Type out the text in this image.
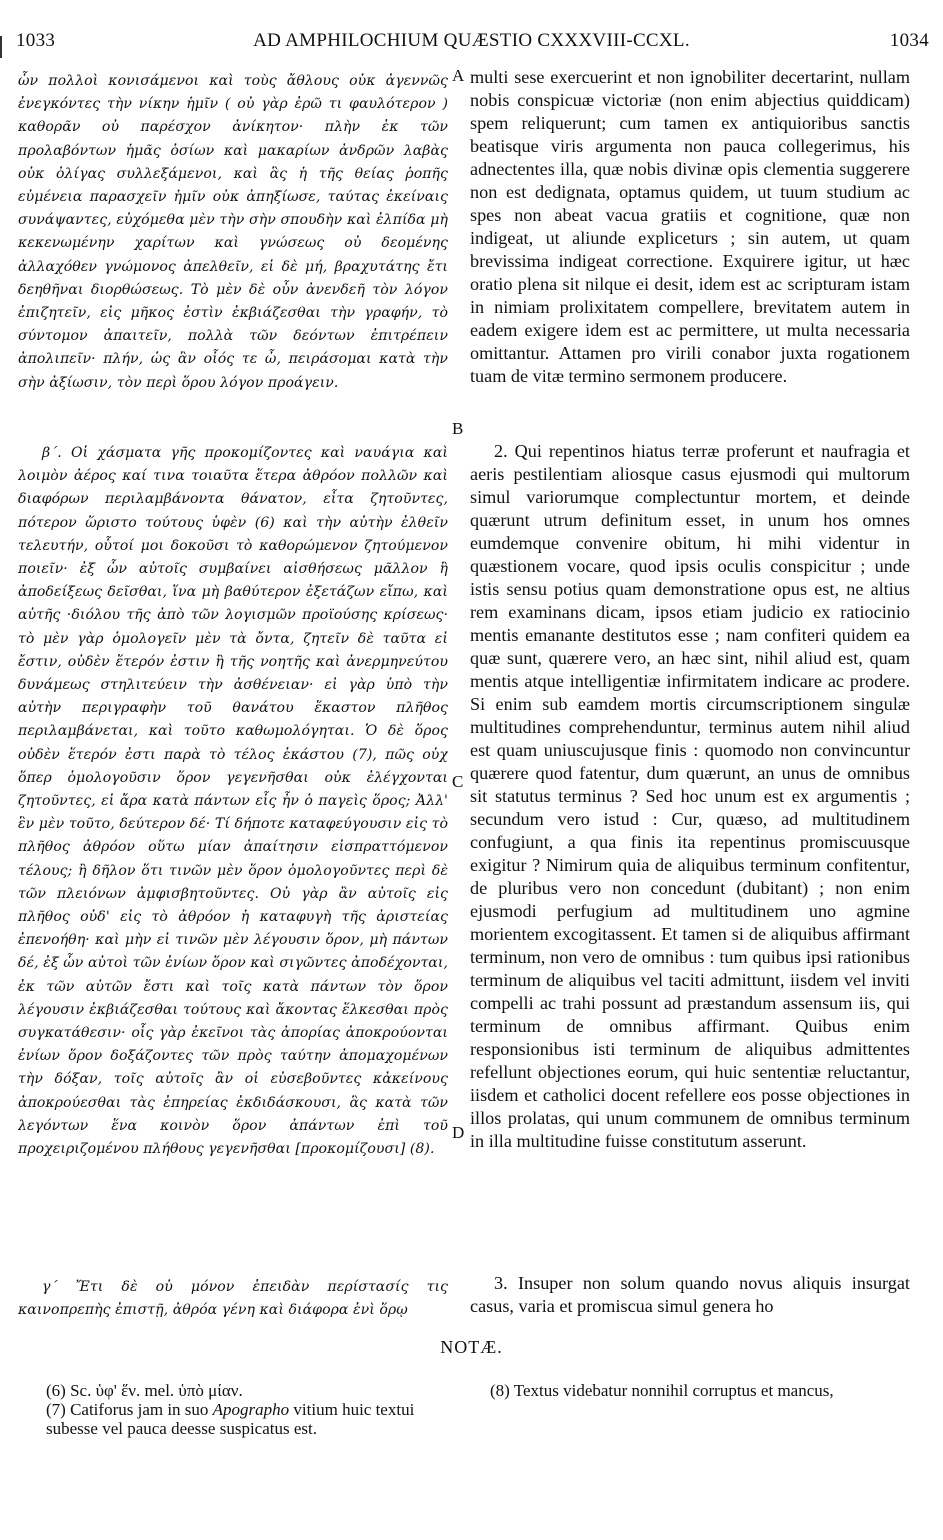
1033	AD AMPHILOCHIUM QUÆSTIO CXXXVIII-CCXL.	1034

ὧν πολλοὶ κονισάμενοι καὶ τοὺς ἄθλους οὐκ ἀγεννῶς ἐνεγκόντες τὴν νίκην ἡμῖν ( οὐ γὰρ ἐρῶ τι φαυλότερον ) καθορᾶν οὐ παρέσχον ἀνίκητον· πλὴν ἐκ τῶν προλαβόντων ἡμᾶς ὁσίων καὶ μακαρίων ἀνδρῶν λαβὰς οὐκ ὀλίγας συλλεξάμενοι, καὶ ἃς ἡ τῆς θείας ῥοπῆς εὐμένεια παρασχεῖν ἡμῖν οὐκ ἀπηξίωσε, ταύτας ἐκείναις συνάψαντες, εὐχόμεθα μὲν τὴν σὴν σπουδὴν καὶ ἐλπίδα μὴ κεκενωμένην χαρίτων καὶ γνώσεως οὐ δεομένης ἀλλαχόθεν γνώμονος ἀπελθεῖν, εἰ δὲ μή, βραχυτάτης ἔτι δεηθῆναι διορθώσεως. Τὸ μὲν δὲ οὖν ἀνενδεῆ τὸν λόγον ἐπιζητεῖν, εἰς μῆκος ἐστὶν ἐκβιάζεσθαι τὴν γραφήν, τὸ σύντομον ἀπαιτεῖν, πολλὰ τῶν δεόντων ἐπιτρέπειν ἀπολιπεῖν· πλήν, ὡς ἂν οἷός τε ὦ, πειράσομαι κατὰ τὴν σὴν ἀξίωσιν, τὸν περὶ ὅρου λόγον προάγειν.

β΄. Οἱ χάσματα γῆς προκομίζοντες καὶ ναυάγια καὶ λοιμὸν ἀέρος καί τινα τοιαῦτα ἕτερα ἀθρόον πολλῶν καὶ διαφόρων περιλαμβάνοντα θάνατον, εἶτα ζητοῦντες, πότερον ὥριστο τούτους ὑφὲν (6) καὶ τὴν αὐτὴν ἐλθεῖν τελευτήν, οὗτοί μοι δοκοῦσι τὸ καθορώμενον ζητούμενον ποιεῖν· ἐξ ὧν αὐτοῖς συμβαίνει αἰσθήσεως μᾶλλον ἢ ἀποδείξεως δεῖσθαι, ἵνα μὴ βαθύτερον ἐξετάζων εἴπω, καὶ αὐτῆς ·διόλου τῆς ἀπὸ τῶν λογισμῶν προϊούσης κρίσεως· τὸ μὲν γὰρ ὁμολογεῖν μὲν τὰ ὄντα, ζητεῖν δὲ ταῦτα εἰ ἔστιν, οὐδὲν ἕτερόν ἐστιν ἢ τῆς νοητῆς καὶ ἀνερμηνεύτου δυνάμεως στηλιτεύειν τὴν ἀσθένειαν· εἰ γὰρ ὑπὸ τὴν αὐτὴν περιγραφὴν τοῦ θανάτου ἕκαστον πλῆθος περιλαμβάνεται, καὶ τοῦτο καθωμολόγηται. Ὁ δὲ ὅρος οὐδὲν ἕτερόν ἐστι παρὰ τὸ τέλος ἑκάστου (7), πῶς οὐχ ὅπερ ὁμολογοῦσιν ὅρον γεγενῆσθαι οὐκ ἐλέγχονται ζητοῦντες, εἰ ἄρα κατὰ πάντων εἷς ἦν ὁ παγεὶς ὅρος; Ἀλλ' ἓν μὲν τοῦτο, δεύτερον δέ· Τί δήποτε καταφεύγουσιν εἰς τὸ πλῆθος ἀθρόον οὕτω μίαν ἀπαίτησιν εἰσπραττόμενον τέλους; ἢ δῆλον ὅτι τινῶν μὲν ὅρον ὁμολογοῦντες περὶ δὲ τῶν πλειόνων ἀμφισβητοῦντες. Οὐ γὰρ ἂν αὐτοῖς εἰς πλῆθος οὐδ' εἰς τὸ ἀθρόον ἡ καταφυγὴ τῆς ἀριστείας ἐπενοήθη· καὶ μὴν εἰ τινῶν μὲν λέγουσιν ὅρον, μὴ πάντων δέ, ἐξ ὧν αὐτοὶ τῶν ἐνίων ὅρον καὶ σιγῶντες ἀποδέχονται, ἐκ τῶν αὐτῶν ἔστι καὶ τοῖς κατὰ πάντων τὸν ὅρον λέγουσιν ἐκβιάζεσθαι τούτους καὶ ἄκοντας ἕλκεσθαι πρὸς συγκατάθεσιν· οἷς γὰρ ἐκεῖνοι τὰς ἀπορίας ἀποκρούονται ἐνίων ὅρον δοξάζοντες τῶν πρὸς ταύτην ἀπομαχομένων τὴν δόξαν, τοῖς αὐτοῖς ἂν οἱ εὐσεβοῦντες κἀκείνους ἀποκρούεσθαι τὰς ἐπηρείας ἐκδιδάσκουσι, ἃς κατὰ τῶν λεγόντων ἕνα κοινὸν ὅρον ἁπάντων ἐπὶ τοῦ προχειριζομένου πλήθους γεγενῆσθαι [προκομίζουσι] (8).

γ΄ Ἔτι δὲ οὐ μόνον ἐπειδὰν περίστασίς τις καινοπρεπὴς ἐπιστῇ, ἀθρόα γένη καὶ διάφορα ἑνὶ ὅρῳ

A
B
C
D

multi sese exercuerint et non ignobiliter decertarint, nullam nobis conspicuæ victoriæ (non enim abjectius quiddicam) spem reliquerunt; cum tamen ex antiquioribus sanctis beatisque viris argumenta non pauca collegerimus, his adnectentes illa, quæ nobis divinæ opis clementia suggerere non est dedignata, optamus quidem, ut tuum studium ac spes non abeat vacua gratiis et cognitione, quæ non indigeat, ut aliunde expliceturs ; sin autem, ut quam brevissima indigeat correctione. Exquirere igitur, ut hæc oratio plena sit nilque ei desit, idem est ac scripturam istam in nimiam prolixitatem compellere, brevitatem autem in eadem exigere idem est ac permittere, ut multa necessaria omittantur. Attamen pro virili conabor juxta rogationem tuam de vitæ termino sermonem producere.

2. Qui repentinos hiatus terræ proferunt et naufragia et aeris pestilentiam aliosque casus ejusmodi qui multorum simul variorumque complectuntur mortem, et deinde quærunt utrum definitum esset, in unum hos omnes eumdemque convenire obitum, hi mihi videntur in quæstionem vocare, quod ipsis oculis conspicitur ; unde istis sensu potius quam demonstratione opus est, ne altius rem examinans dicam, ipsos etiam judicio ex ratiocinio mentis emanante destitutos esse ; nam confiteri quidem ea quæ sunt, quærere vero, an hæc sint, nihil aliud est, quam mentis atque intelligentiæ infirmitatem indicare ac prodere. Si enim sub eamdem mortis circumscriptionem singulæ multitudines comprehenduntur, terminus autem nihil aliud est quam uniuscujusque finis : quomodo non convincuntur quærere quod fatentur, dum quærunt, an unus de omnibus sit statutus terminus ? Sed hoc unum est ex argumentis ; secundum vero istud : Cur, quæso, ad multitudinem confugiunt, a qua finis ita repentinus promiscuusque exigitur ? Nimirum quia de aliquibus terminum confitentur, de pluribus vero non concedunt (dubitant) ; non enim ejusmodi perfugium ad multitudinem uno agmine morientem excogitassent. Et tamen si de aliquibus affirmant terminum, non vero de omnibus : tum quibus ipsi rationibus terminum de aliquibus vel taciti admittunt, iisdem vel inviti compelli ac trahi possunt ad præstandum assensum iis, qui terminum de omnibus affirmant. Quibus enim responsionibus isti terminum de aliquibus admittentes refellunt objectiones eorum, qui huic sententiæ reluctantur, iisdem et catholici docent refellere eos posse objectiones in illos prolatas, qui unum communem de omnibus terminum in illa multitudine fuisse constitutum asserunt.

3. Insuper non solum quando novus aliquis insurgat casus, varia et promiscua simul genera ho

NOTÆ.
(6) Sc. ὑφ' ἕν. mel. ὑπὸ μίαν.
(7) Catiforus jam in suo Apographo vitium huic textui subesse vel pauca deesse suspicatus est.
(8) Textus videbatur nonnihil corruptus et mancus,
